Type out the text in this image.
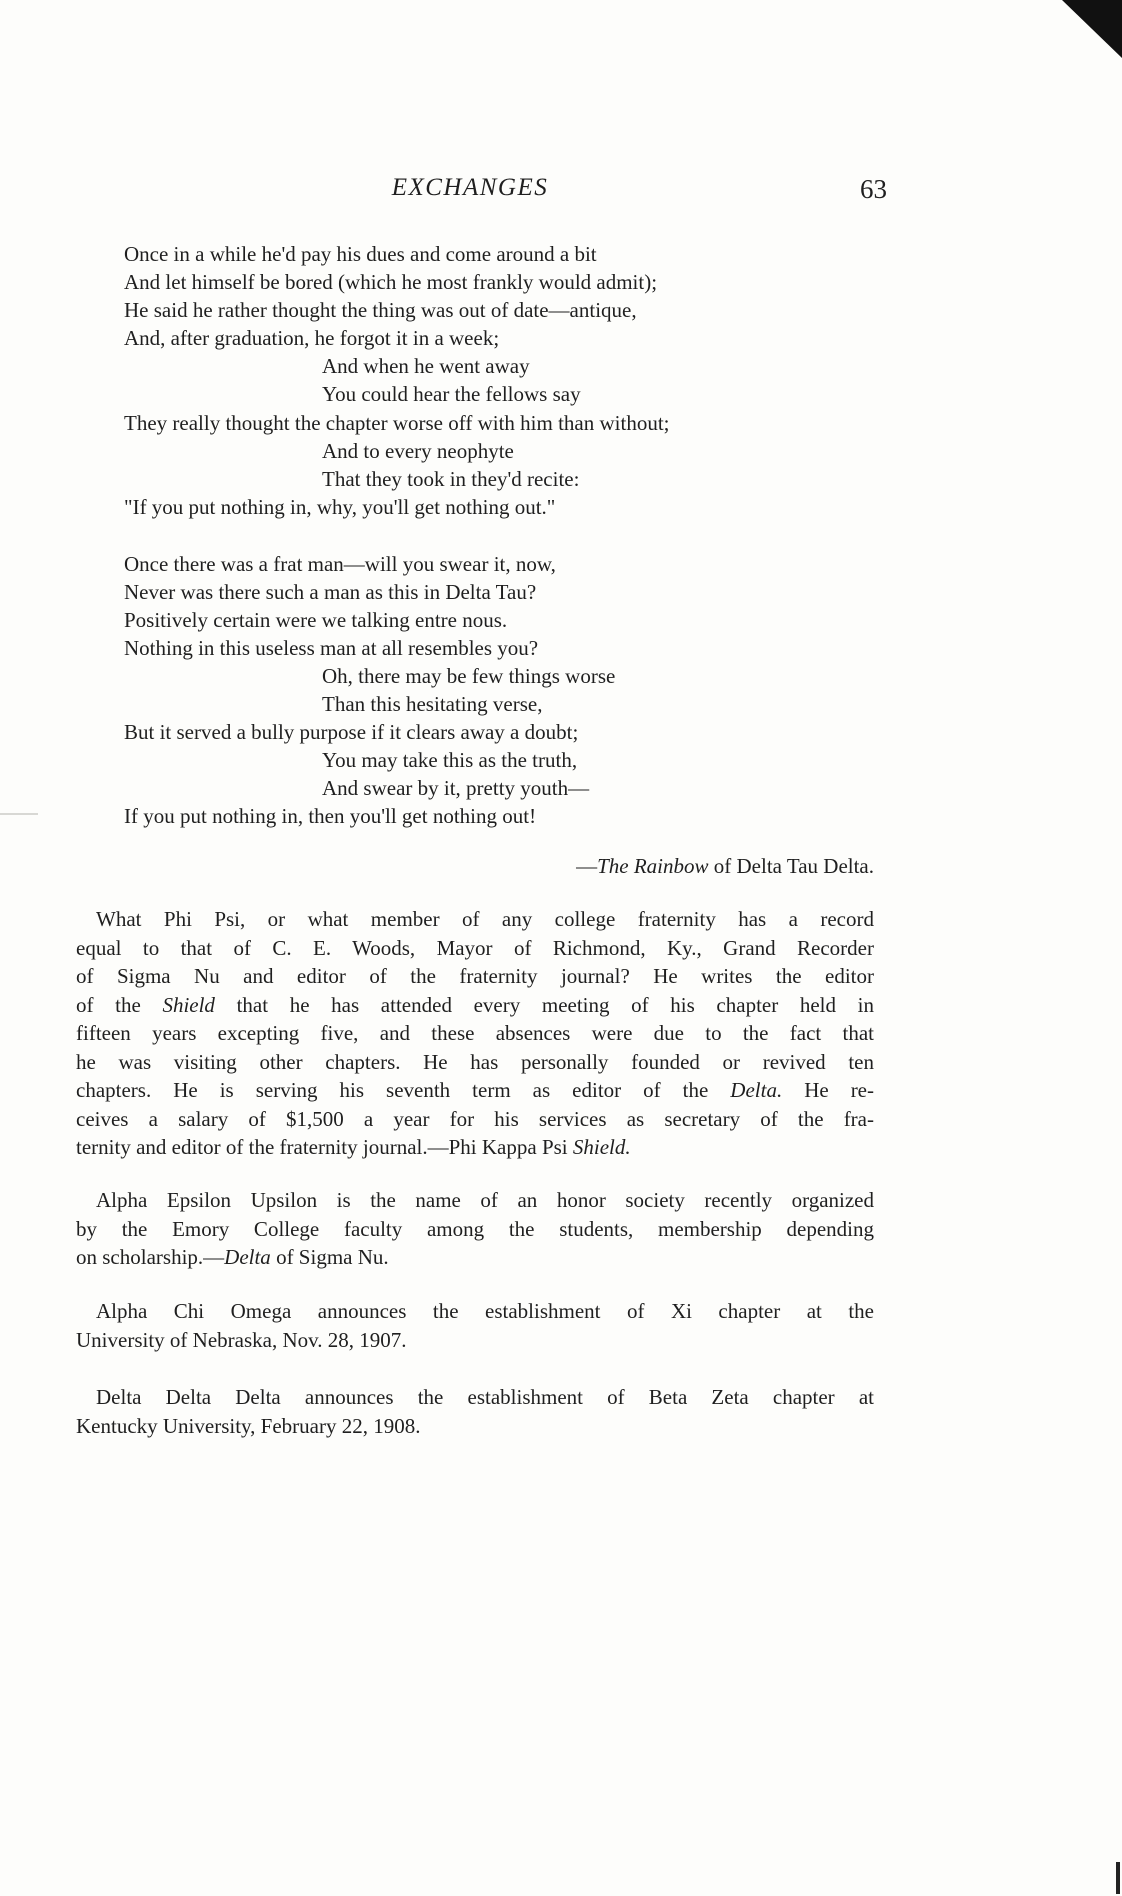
EXCHANGES	63
Once in a while he'd pay his dues and come around a bit
And let himself be bored (which he most frankly would admit);
He said he rather thought the thing was out of date—antique,
And, after graduation, he forgot it in a week;
And when he went away
You could hear the fellows say
They really thought the chapter worse off with him than without;
And to every neophyte
That they took in they'd recite:
"If you put nothing in, why, you'll get nothing out."
Once there was a frat man—will you swear it, now,
Never was there such a man as this in Delta Tau?
Positively certain were we talking entre nous.
Nothing in this useless man at all resembles you?
Oh, there may be few things worse
Than this hesitating verse,
But it served a bully purpose if it clears away a doubt;
You may take this as the truth,
And swear by it, pretty youth—
If you put nothing in, then you'll get nothing out!
—The Rainbow of Delta Tau Delta.
What Phi Psi, or what member of any college fraternity has a record
equal to that of C. E. Woods, Mayor of Richmond, Ky., Grand Recorder
of Sigma Nu and editor of the fraternity journal? He writes the editor
of the Shield that he has attended every meeting of his chapter held in
fifteen years excepting five, and these absences were due to the fact that
he was visiting other chapters. He has personally founded or revived ten
chapters. He is serving his seventh term as editor of the Delta. He re-
ceives a salary of $1,500 a year for his services as secretary of the fra-
ternity and editor of the fraternity journal.—Phi Kappa Psi Shield.
Alpha Epsilon Upsilon is the name of an honor society recently organized
by the Emory College faculty among the students, membership depending
on scholarship.—Delta of Sigma Nu.
Alpha Chi Omega announces the establishment of Xi chapter at the
University of Nebraska, Nov. 28, 1907.
Delta Delta Delta announces the establishment of Beta Zeta chapter at
Kentucky University, February 22, 1908.
